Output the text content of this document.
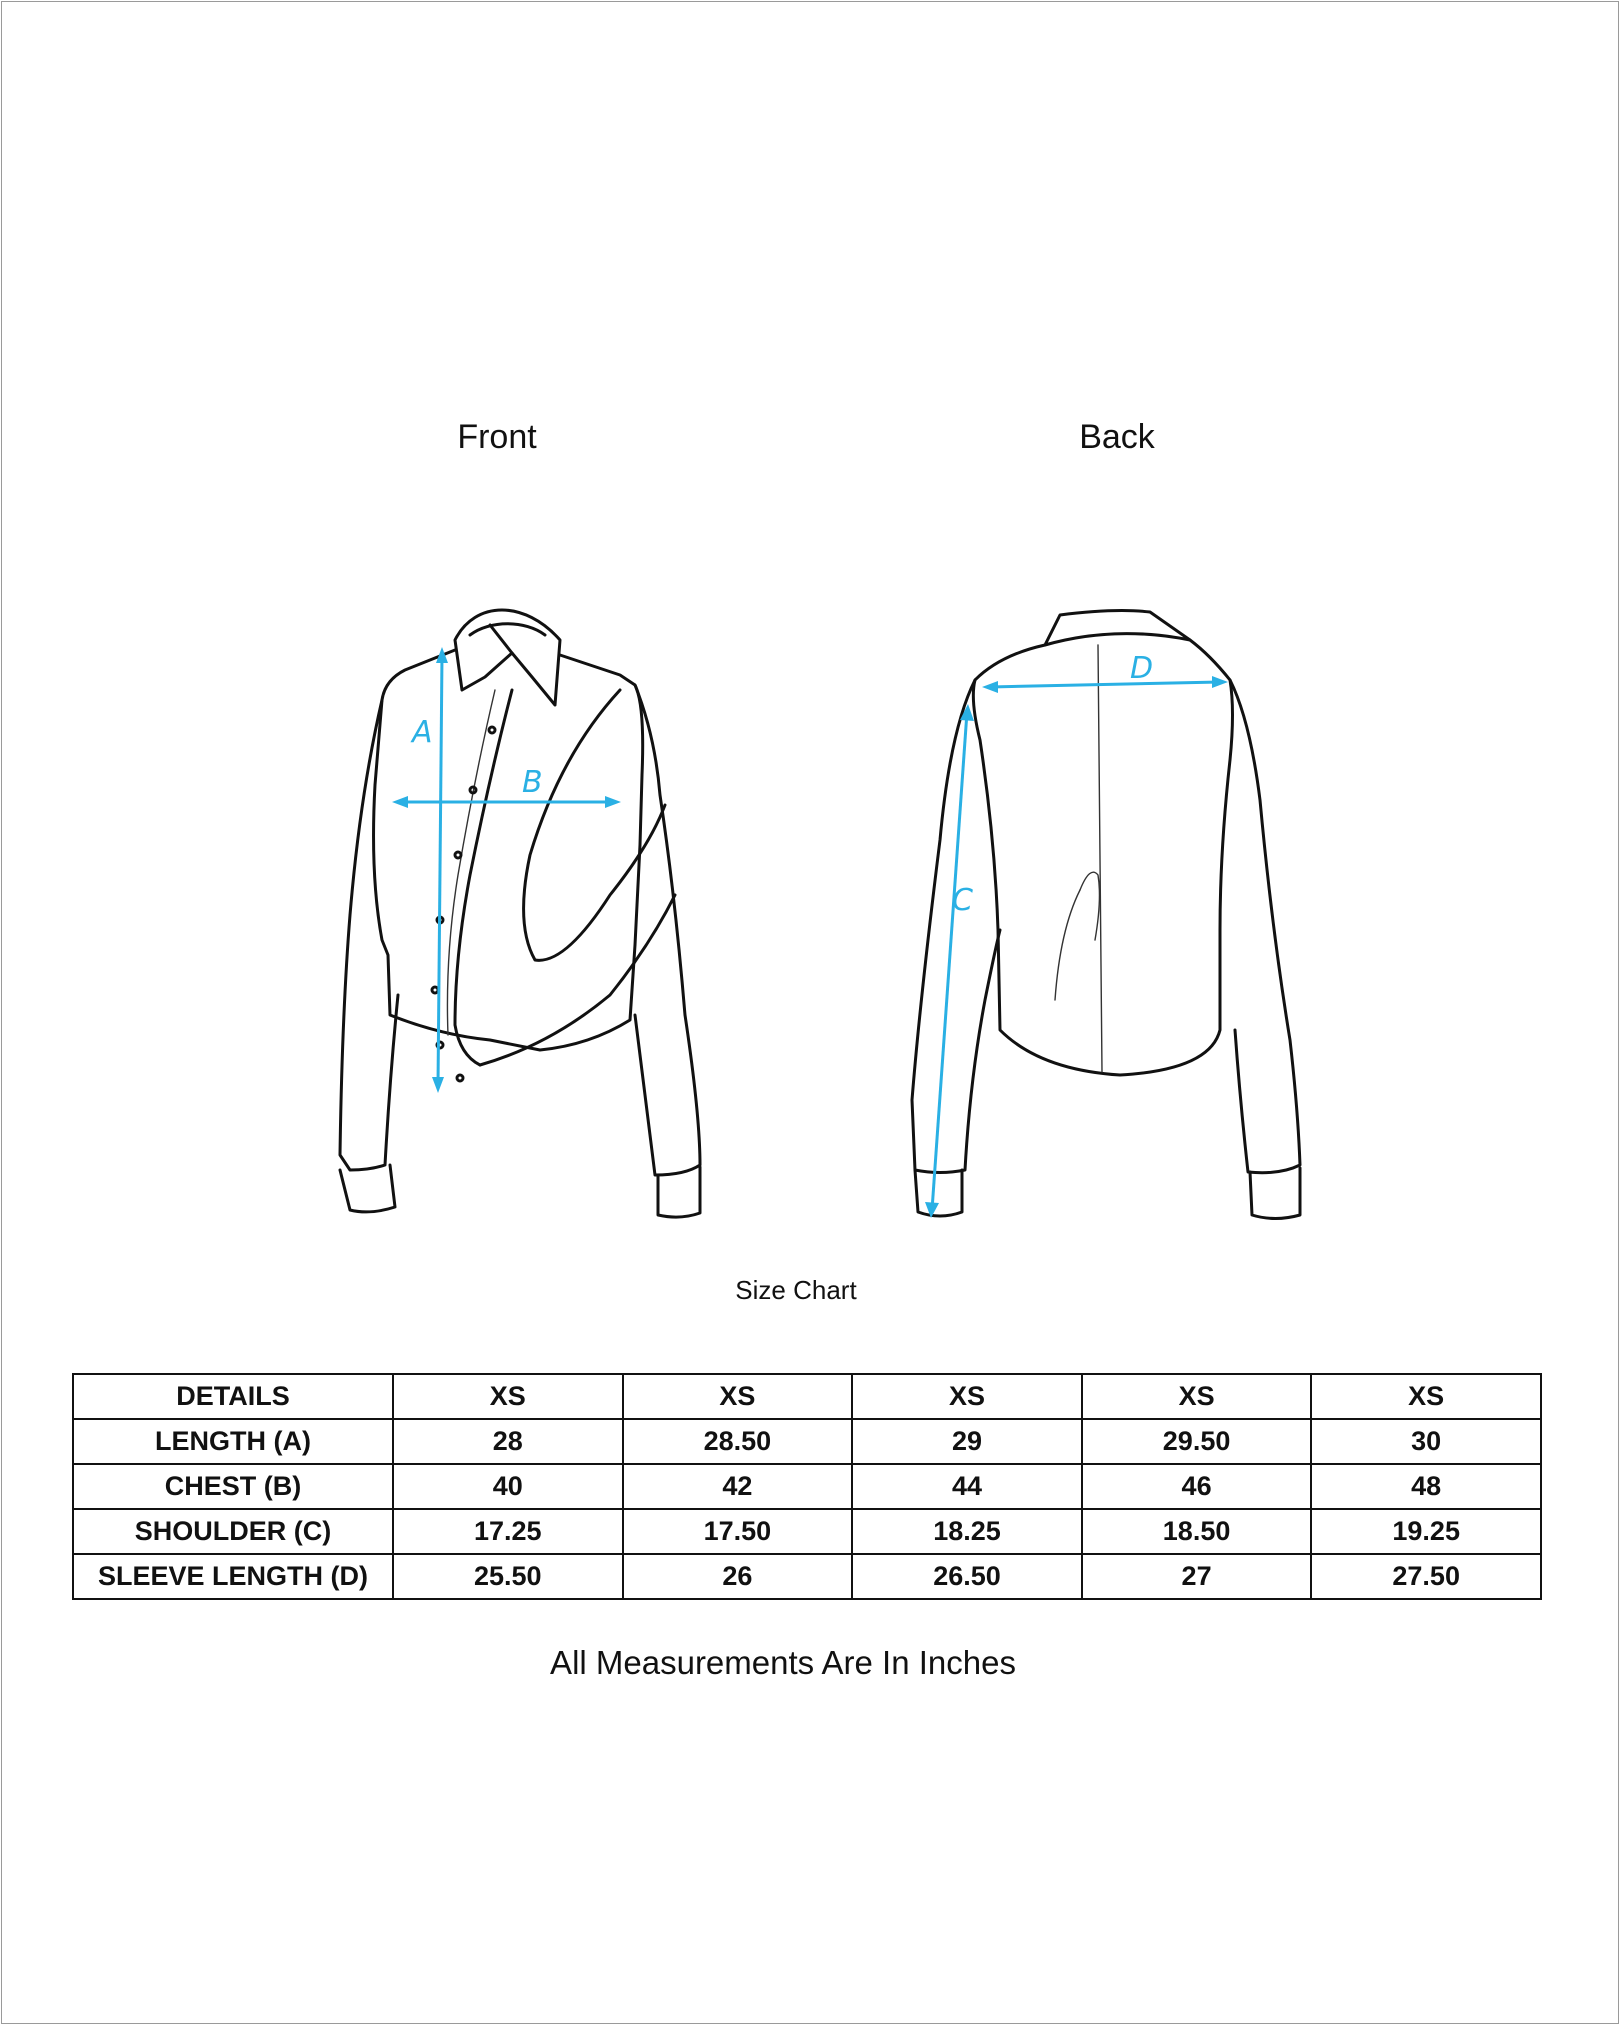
Front	Back
A
B
D
C
Size Chart
DETAILS	XS	XS	XS	XS	XS
LENGTH (A)	28	28.50	29	29.50	30
CHEST (B)	40	42	44	46	48
SHOULDER (C)	17.25	17.50	18.25	18.50	19.25
SLEEVE LENGTH (D)	25.50	26	26.50	27	27.50
All Measurements Are In Inches
